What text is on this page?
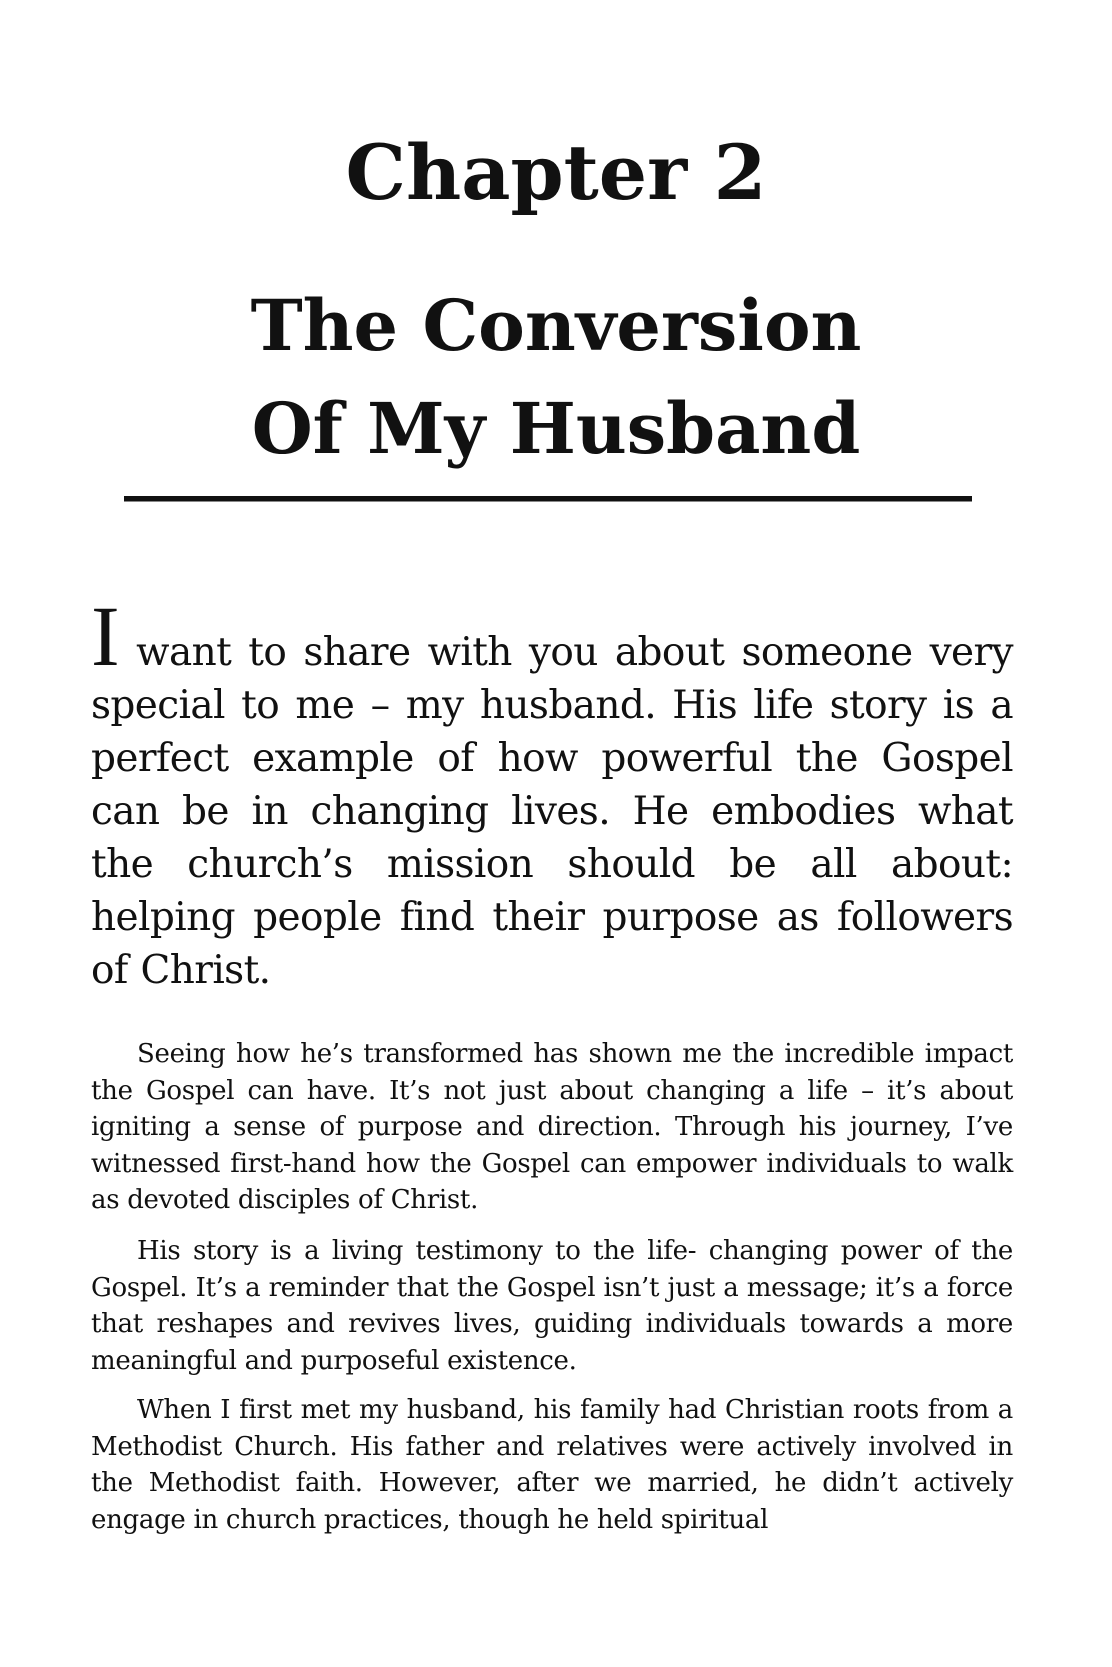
Chapter 2
The Conversion
Of My Husband

I want to share with you about someone very special to me – my husband. His life story is a perfect example of how powerful the Gospel can be in changing lives. He embodies what the church’s mission should be all about: helping people find their purpose as followers of Christ.

Seeing how he’s transformed has shown me the incredible impact the Gospel can have. It’s not just about changing a life – it’s about igniting a sense of purpose and direction. Through his journey, I’ve witnessed first-hand how the Gospel can empower individuals to walk as devoted disciples of Christ.

His story is a living testimony to the life- changing power of the Gospel. It’s a reminder that the Gospel isn’t just a message; it’s a force that reshapes and revives lives, guiding individuals towards a more meaningful and purposeful existence.

When I first met my husband, his family had Christian roots from a Methodist Church. His father and relatives were actively involved in the Methodist faith. However, after we married, he didn’t actively engage in church practices, though he held spiritual
